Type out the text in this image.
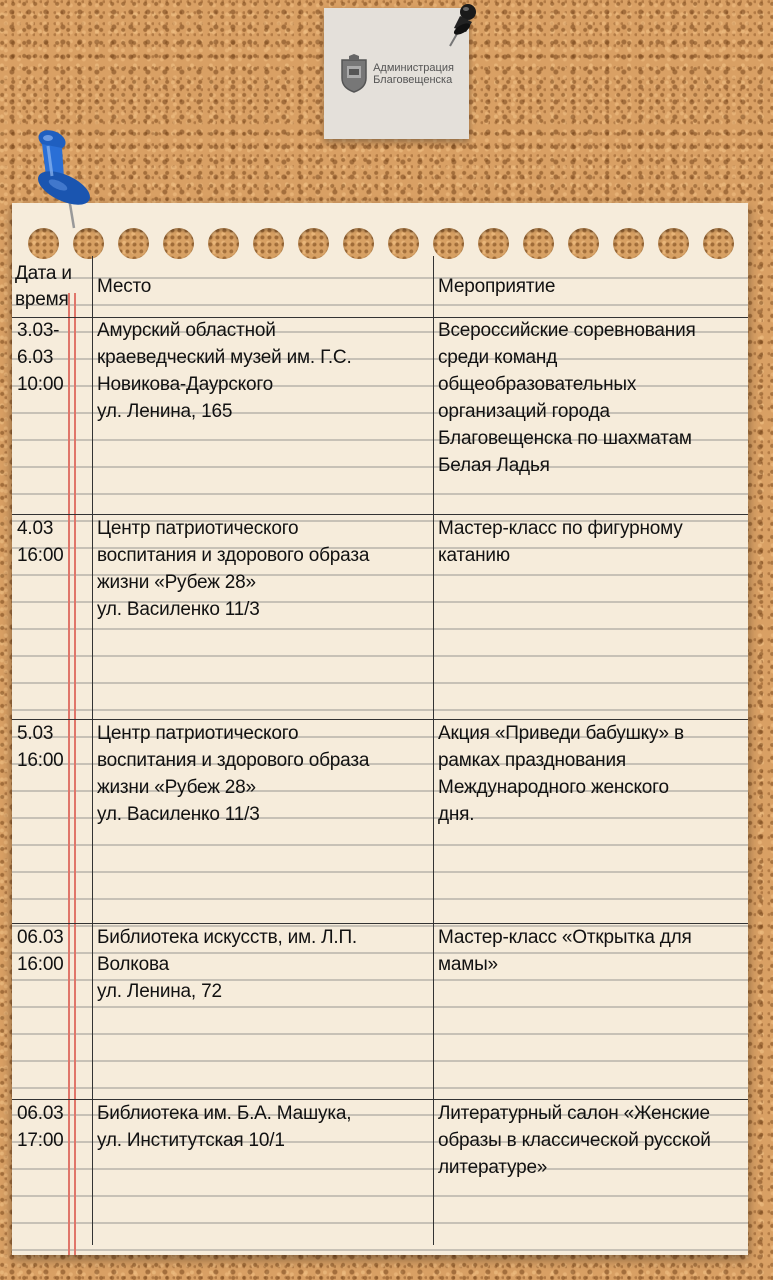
Администрация
Благовещенска
Дата и
время
Место	Мероприятие
3.03-
6.03
10:00
Амурский областной
краеведческий музей им. Г.С.
Новикова-Даурского
ул. Ленина, 165
Всероссийские соревнования
среди команд
общеобразовательных
организаций города
Благовещенска по шахматам
Белая Ладья
4.03
16:00
Центр патриотического
воспитания и здорового образа
жизни «Рубеж 28»
ул. Василенко 11/3
Мастер-класс по фигурному
катанию
5.03
16:00
Центр патриотического
воспитания и здорового образа
жизни «Рубеж 28»
ул. Василенко 11/3
Акция «Приведи бабушку» в
рамках празднования
Международного женского
дня.
06.03
16:00
Библиотека искусств, им. Л.П.
Волкова
ул. Ленина, 72
Мастер-класс «Открытка для
мамы»
06.03
17:00
Библиотека им. Б.А. Машука,
ул. Институтская 10/1
Литературный салон «Женские
образы в классической русской
литературе»
